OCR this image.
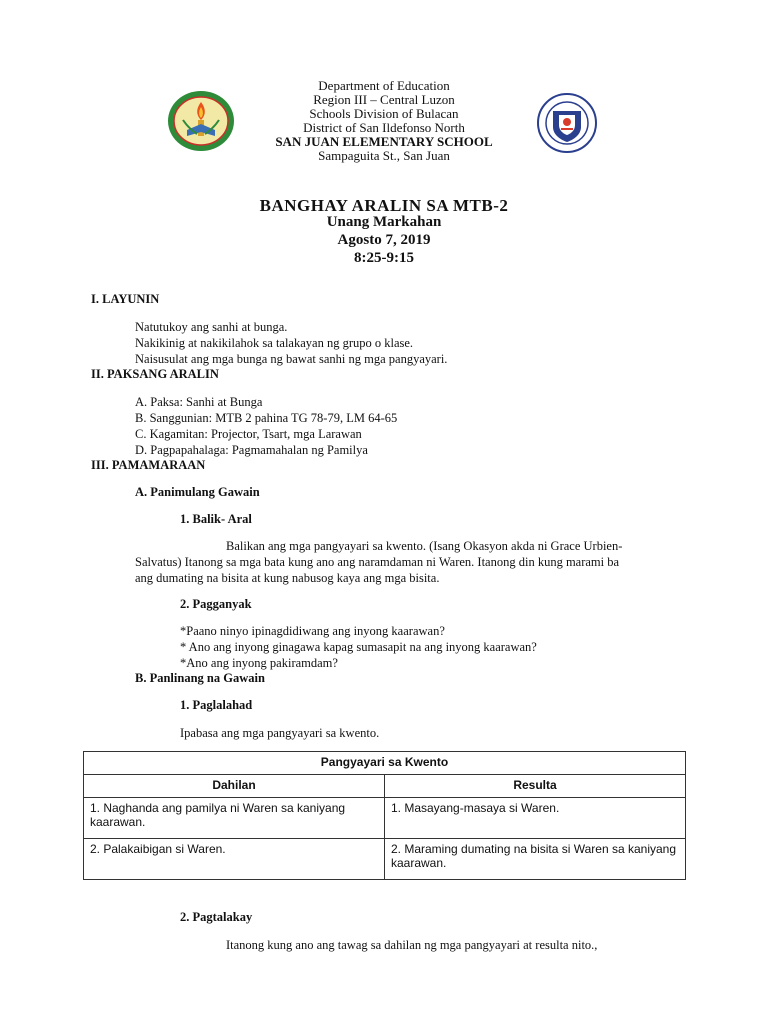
Department of Education
Region III – Central Luzon
Schools Division of Bulacan
District of San Ildefonso North
SAN JUAN ELEMENTARY SCHOOL
Sampaguita St., San Juan
BANGHAY ARALIN SA MTB-2
Unang Markahan
Agosto 7, 2019
8:25-9:15
I. LAYUNIN
Natutukoy ang sanhi at bunga.
Nakikinig at nakikilahok sa talakayan ng grupo o klase.
Naisusulat ang mga bunga ng bawat sanhi ng mga pangyayari.
II. PAKSANG ARALIN
A. Paksa: Sanhi at Bunga
B. Sanggunian: MTB 2 pahina TG 78-79, LM 64-65
C. Kagamitan: Projector, Tsart, mga Larawan
D. Pagpapahalaga: Pagmamahalan ng Pamilya
III. PAMAMARAAN
A. Panimulang Gawain
1. Balik- Aral
Balikan ang mga pangyayari sa kwento. (Isang Okasyon akda ni Grace Urbien-
Salvatus) Itanong sa mga bata kung ano ang naramdaman ni Waren. Itanong din kung marami ba
ang dumating na bisita at kung nabusog kaya ang mga bisita.
2. Pagganyak
*Paano ninyo ipinagdidiwang ang inyong kaarawan?
* Ano ang inyong ginagawa kapag sumasapit na ang inyong kaarawan?
*Ano ang inyong pakiramdam?
B. Panlinang na Gawain
1. Paglalahad
Ipabasa ang mga pangyayari sa kwento.
Pangyayari sa Kwento	
Dahilan	Resulta
1. Naghanda ang pamilya ni Waren sa kaniyang kaarawan.	1. Masayang-masaya si Waren.
2. Palakaibigan si Waren.	2. Maraming dumating na bisita si Waren sa kaniyang kaarawan.
2. Pagtalakay
Itanong kung ano ang tawag sa dahilan ng mga pangyayari at resulta nito.,
